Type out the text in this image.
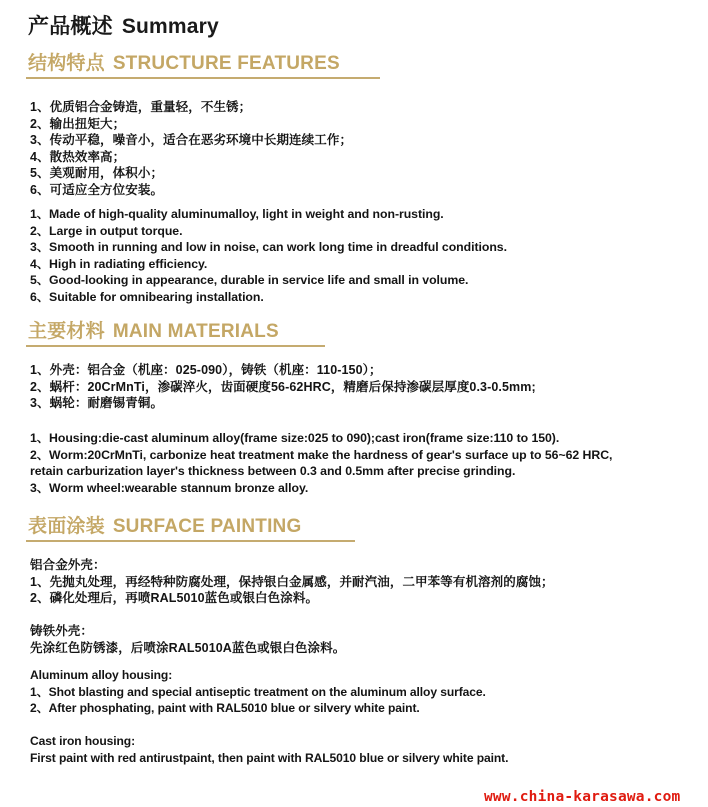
产品概述 Summary
结构特点 STRUCTURE FEATURES
1、优质铝合金铸造，重量轻，不生锈；
2、输出扭矩大；
3、传动平稳，噪音小，适合在恶劣环境中长期连续工作；
4、散热效率高；
5、美观耐用，体积小；
6、可适应全方位安装。
1、Made of high-quality aluminumalloy, light in weight and non-rusting.
2、Large in output torque.
3、Smooth in running and low in noise, can work long time in dreadful conditions.
4、High in radiating efficiency.
5、Good-looking in appearance, durable in service life and small in volume.
6、Suitable for omnibearing installation.
主要材料 MAIN MATERIALS
1、外壳：铝合金（机座：025-090），铸铁（机座：110-150）；
2、蜗杆：20CrMnTi，渗碳淬火，齿面硬度56-62HRC，精磨后保持渗碳层厚度0.3-0.5mm;
3、蜗轮：耐磨锡青铜。
1、Housing:die-cast aluminum alloy(frame size:025 to 090);cast iron(frame size:110 to 150).
2、Worm:20CrMnTi, carbonize heat treatment make the hardness of gear's surface up to 56~62 HRC,
retain carburization layer's thickness between 0.3 and 0.5mm after precise grinding.
3、Worm wheel:wearable stannum bronze alloy.
表面涂装 SURFACE PAINTING
铝合金外壳：
1、先抛丸处理，再经特种防腐处理，保持银白金属感，并耐汽油，二甲苯等有机溶剂的腐蚀；
2、磷化处理后，再喷RAL5010蓝色或银白色涂料。
铸铁外壳：
先涂红色防锈漆，后喷涂RAL5010A蓝色或银白色涂料。
Aluminum alloy housing:
1、Shot blasting and special antiseptic treatment on the aluminum alloy surface.
2、After phosphating, paint with RAL5010 blue or silvery white paint.
Cast iron housing:
First paint with red antirustpaint, then paint with RAL5010 blue or silvery white paint.
www.china-karasawa.com
